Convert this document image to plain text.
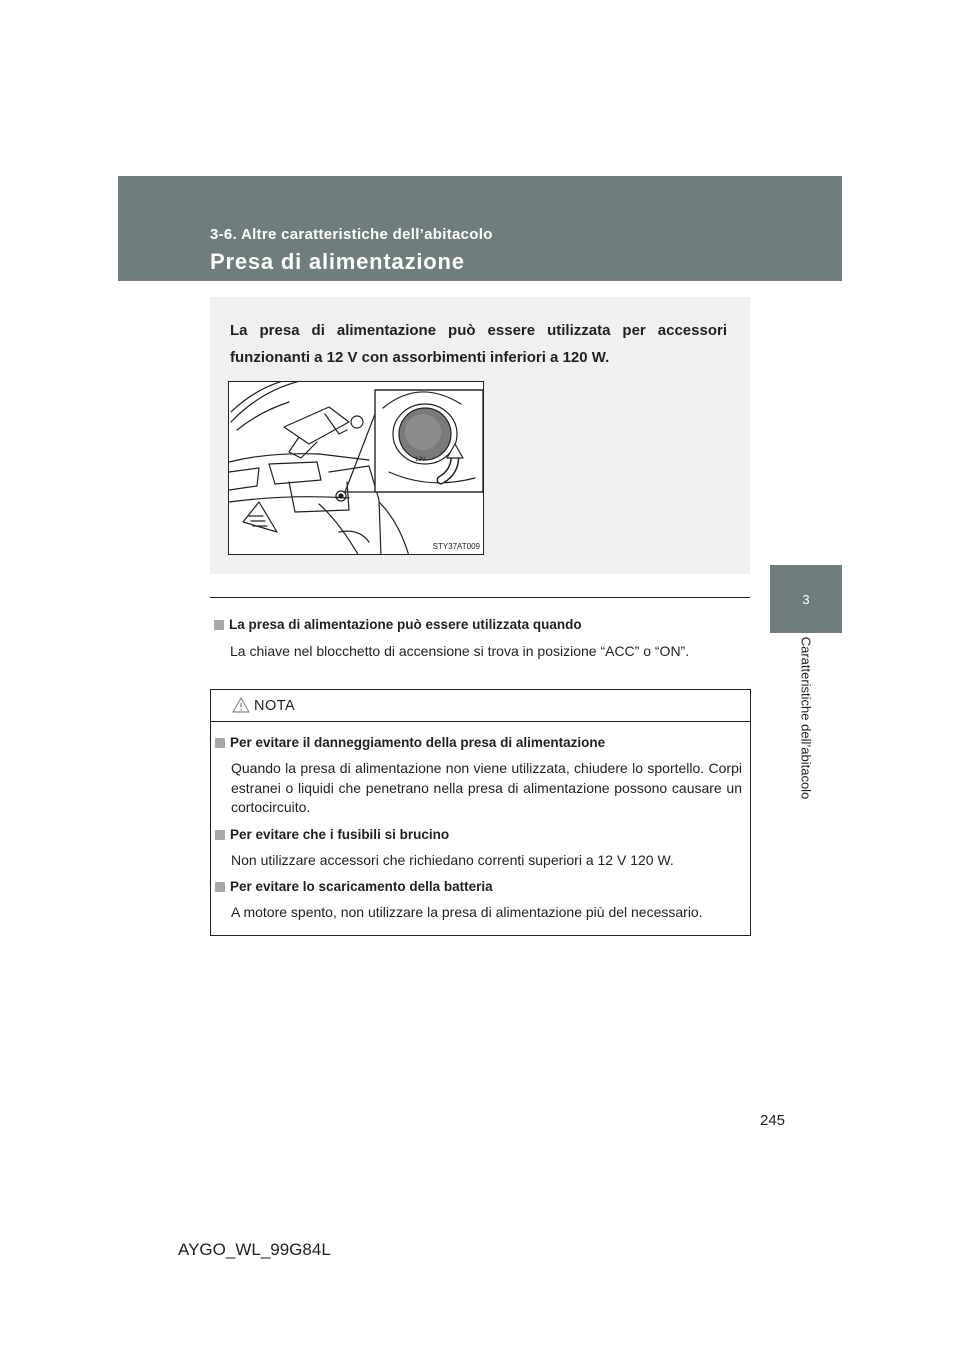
3-6. Altre caratteristiche dell’abitacolo

Presa di alimentazione
3
Caratteristiche dell’abitacolo

La presa di alimentazione può essere utilizzata per accessori funzionanti a 12 V con assorbimenti inferiori a 120 W.

12V
STY37AT009

La presa di alimentazione può essere utilizzata quando

La chiave nel blocchetto di accensione si trova in posizione “ACC” o “ON”.

NOTA

Per evitare il danneggiamento della presa di alimentazione

Quando la presa di alimentazione non viene utilizzata, chiudere lo sportello. Corpi estranei o liquidi che penetrano nella presa di alimentazione possono causare un cortocircuito.

Per evitare che i fusibili si brucino

Non utilizzare accessori che richiedano correnti superiori a 12 V 120 W.

Per evitare lo scaricamento della batteria

A motore spento, non utilizzare la presa di alimentazione più del necessario.

245
AYGO_WL_99G84L
